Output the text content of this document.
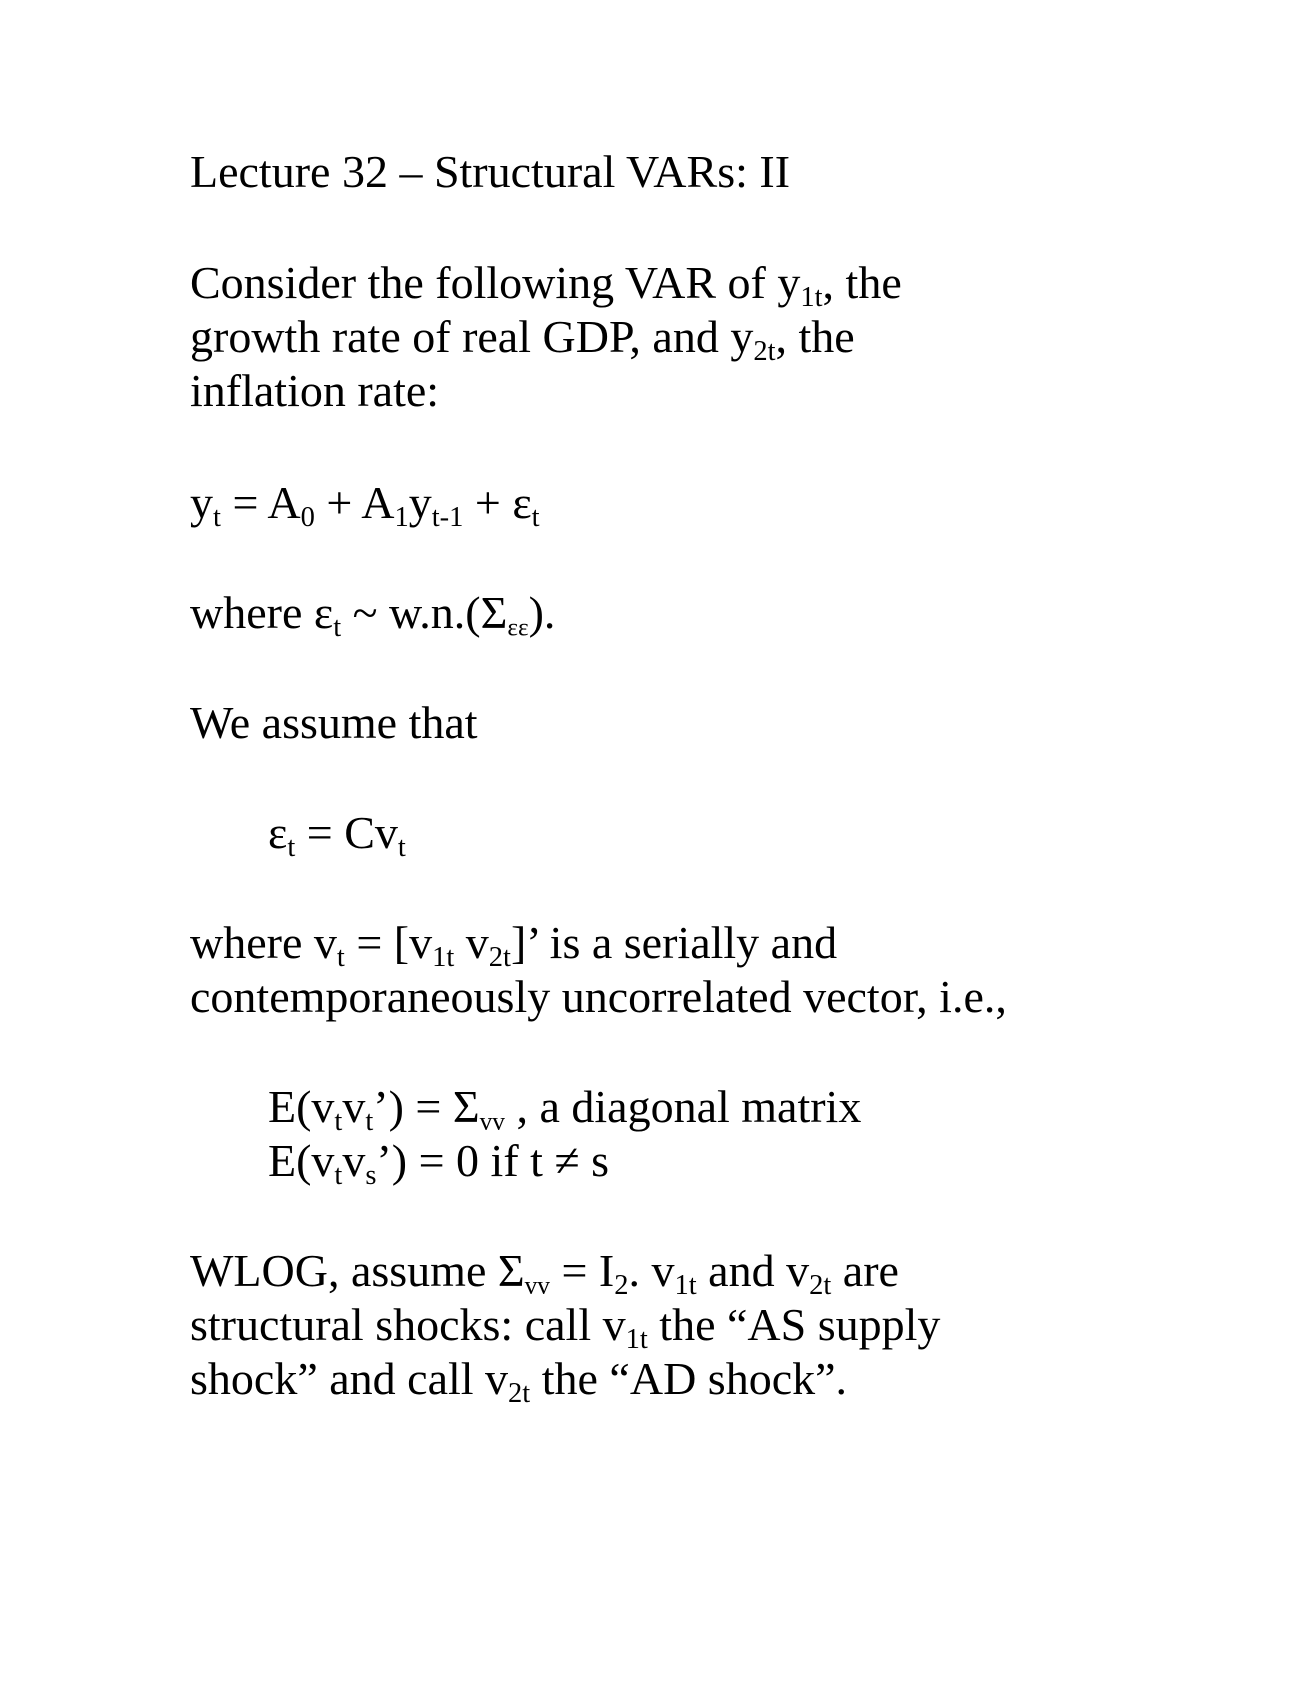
Lecture 32 – Structural VARs: II
Consider the following VAR of $y_{1t}$, the
growth rate of real GDP, and $y_{2t}$, the
inflation rate:
$y_t = A_0 + A_1y_{t-1} + \varepsilon_t$
where $\varepsilon_t$ ~ $w.n.(\Sigma_{\varepsilon\varepsilon})$.
We assume that
$\varepsilon_t = Cv_t$
where $v_t = [v_{1t}$ $v_{2t}$]’ is a serially and
contemporaneously uncorrelated vector, i.e.,
$E(v_tv_t’) = \Sigma_{vv}$ , a diagonal matrix
$E(v_tv_s’) = 0$ if t ≠ s
WLOG, assume $\Sigma_{vv} = I_2$. $v_{1t}$ and $v_{2t}$ are
structural shocks: call $v_{1t}$ the “AS supply
shock” and call $v_{2t}$ the “AD shock”.
